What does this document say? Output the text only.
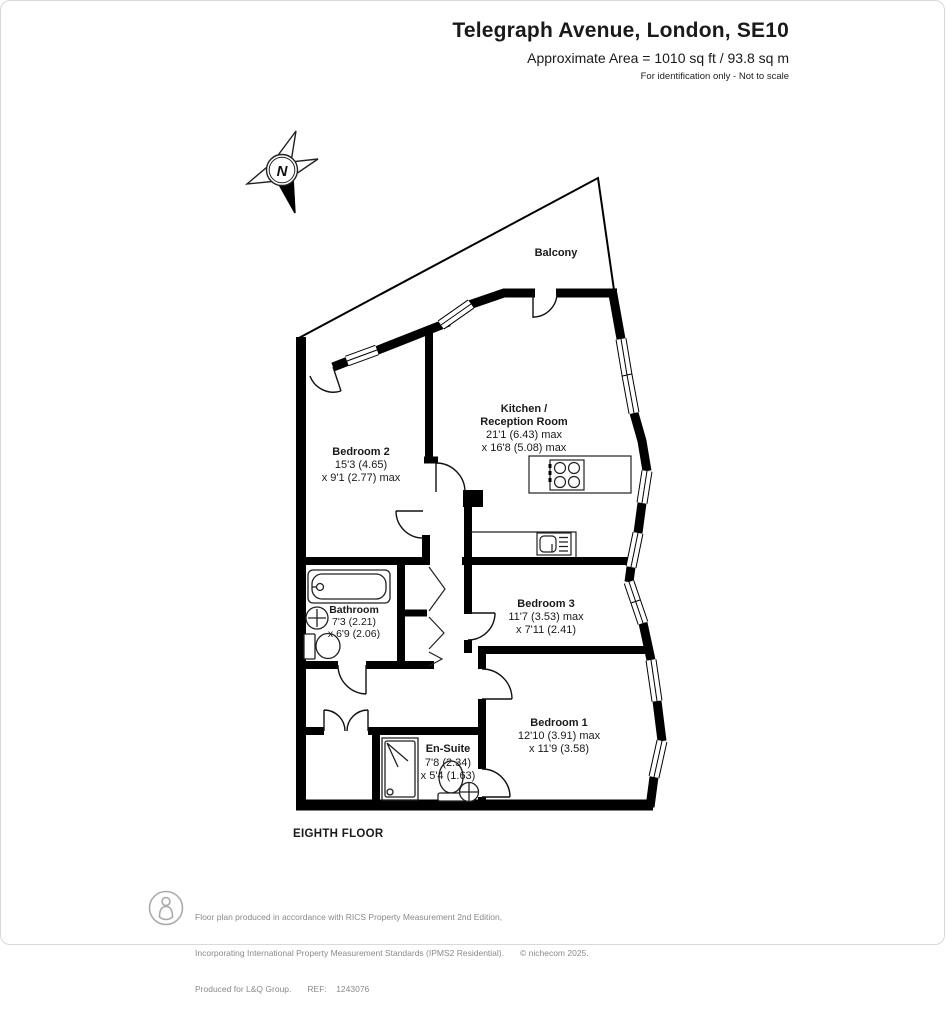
N
Telegraph Avenue, London, SE10
Approximate Area = 1010 sq ft / 93.8 sq m
For identification only - Not to scale
Balcony
Kitchen /
Reception Room
21'1 (6.43) max
x 16'8 (5.08) max
Bedroom 2
15'3 (4.65)
x 9'1 (2.77) max
Bedroom 3
11'7 (3.53) max
x 7'11 (2.41)
Bedroom 1
12'10 (3.91) max
x 11'9 (3.58)
Bathroom
7'3 (2.21)
x 6'9 (2.06)
En-Suite
7'8 (2.34)
x 5'4 (1.63)
EIGHTH FLOOR

Floor plan produced in accordance with RICS Property Measurement 2nd Edition,

Incorporating International Property Measurement Standards (IPMS2 Residential). © nichecom 2025.

Produced for L&Q Group. REF:    1243076
